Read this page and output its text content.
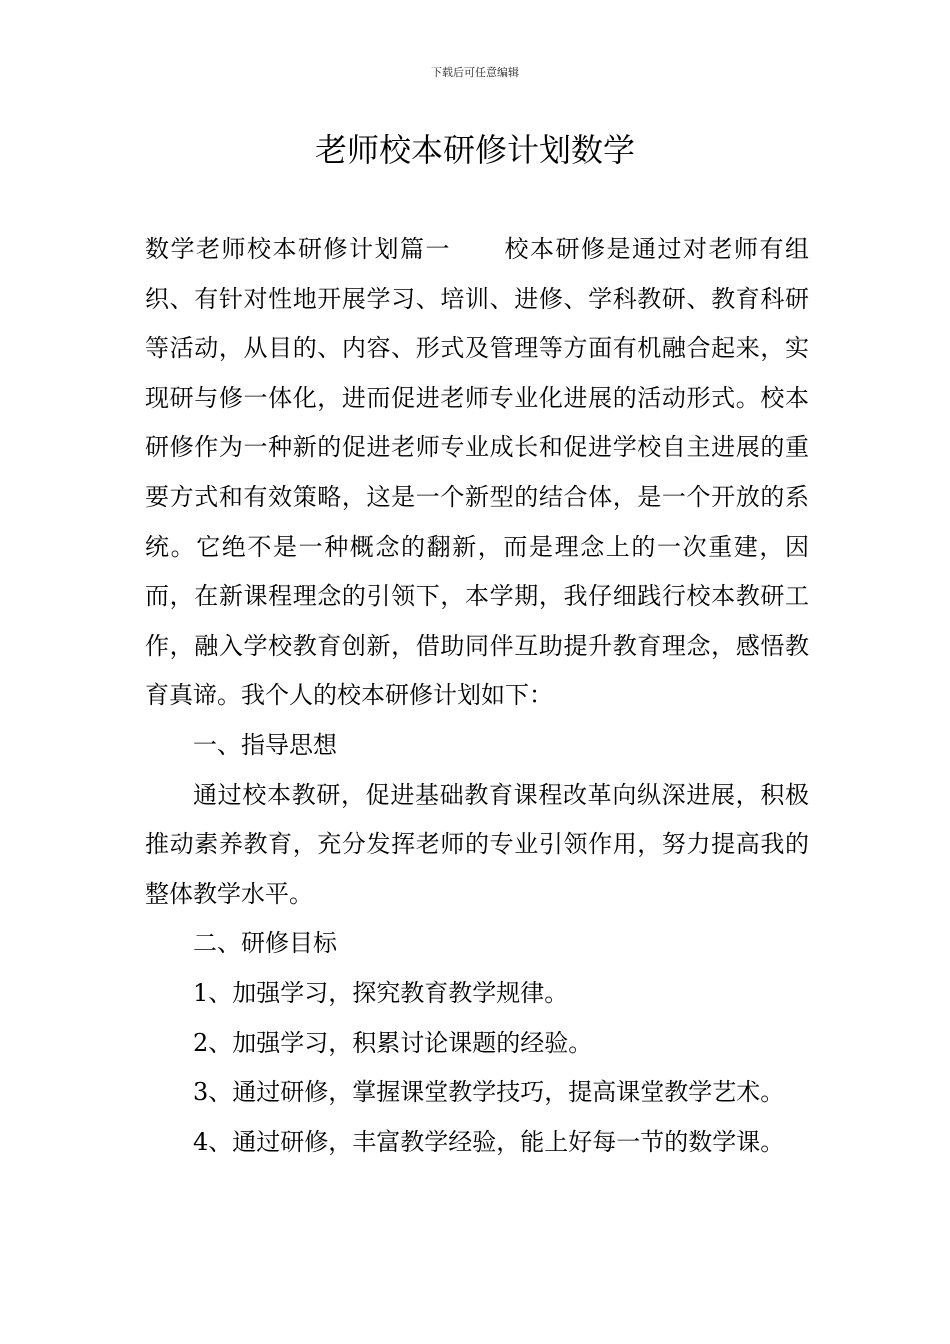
下载后可任意编辑
老师校本研修计划数学

数学老师校本研修计划篇一 校本研修是通过对老师有组织、有针对性地开展学习、培训、进修、学科教研、教育科研等活动，从目的、内容、形式及管理等方面有机融合起来，实现研与修一体化，进而促进老师专业化进展的活动形式。校本研修作为一种新的促进老师专业成长和促进学校自主进展的重要方式和有效策略，这是一个新型的结合体，是一个开放的系统。它绝不是一种概念的翻新，而是理念上的一次重建，因而，在新课程理念的引领下，本学期，我仔细践行校本教研工作，融入学校教育创新，借助同伴互助提升教育理念，感悟教育真谛。我个人的校本研修计划如下：

一、指导思想

通过校本教研，促进基础教育课程改革向纵深进展，积极推动素养教育，充分发挥老师的专业引领作用，努力提高我的整体教学水平。

二、研修目标

1、加强学习，探究教育教学规律。

2、加强学习，积累讨论课题的经验。

3、通过研修，掌握课堂教学技巧，提高课堂教学艺术。

4、通过研修，丰富教学经验，能上好每一节的数学课。
